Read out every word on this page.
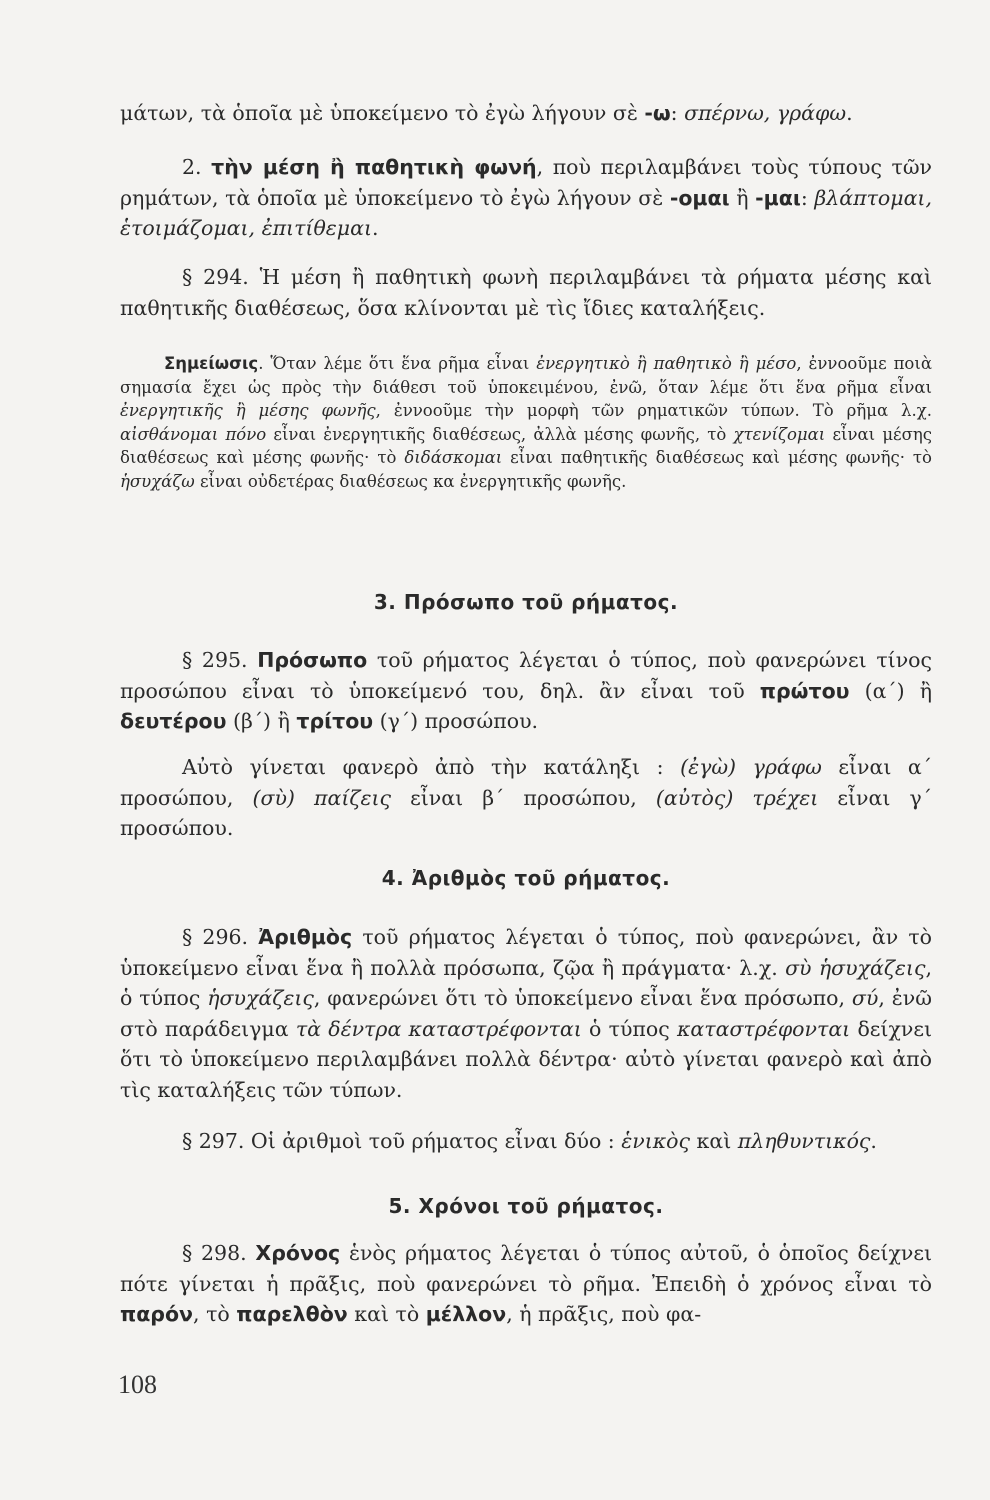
μάτων, τὰ ὁποῖα μὲ ὑποκείμενο τὸ ἐγὼ λήγουν σὲ -ω: σπέρνω, γράφω.

2. τὴν μέση ἢ παθητικὴ φωνή, ποὺ περιλαμβάνει τοὺς τύπους τῶν ρημάτων, τὰ ὁποῖα μὲ ὑποκείμενο τὸ ἐγὼ λήγουν σὲ -ομαι ἢ -μαι: βλάπτομαι, ἑτοιμάζομαι, ἐπιτίθεμαι.

§ 294. Ἡ μέση ἢ παθητικὴ φωνὴ περιλαμβάνει τὰ ρήματα μέσης καὶ παθητικῆς διαθέσεως, ὅσα κλίνονται μὲ τὶς ἴδιες καταλήξεις.

Σημείωσις. Ὅταν λέμε ὅτι ἕνα ρῆμα εἶναι ἐνεργητικὸ ἢ παθητικὸ ἢ μέσο, ἐννοοῦμε ποιὰ σημασία ἔχει ὡς πρὸς τὴν διάθεσι τοῦ ὑποκειμένου, ἐνῶ, ὅταν λέμε ὅτι ἕνα ρῆμα εἶναι ἐνεργητικῆς ἢ μέσης φωνῆς, ἐννοοῦμε τὴν μορφὴ τῶν ρηματικῶν τύπων. Τὸ ρῆμα λ.χ. αἰσθάνομαι πόνο εἶναι ἐνεργητικῆς διαθέσεως, ἀλλὰ μέσης φωνῆς, τὸ χτενίζομαι εἶναι μέσης διαθέσεως καὶ μέσης φωνῆς· τὸ διδάσκομαι εἶναι παθητικῆς διαθέσεως καὶ μέσης φωνῆς· τὸ ἡσυχάζω εἶναι οὐδετέρας διαθέσεως κα ἐνεργητικῆς φωνῆς.

3. Πρόσωπο τοῦ ρήματος.

§ 295. Πρόσωπο τοῦ ρήματος λέγεται ὁ τύπος, ποὺ φανερώνει τίνος προσώπου εἶναι τὸ ὑποκείμενό του, δηλ. ἂν εἶναι τοῦ πρώτου (α΄) ἢ δευτέρου (β΄) ἢ τρίτου (γ΄) προσώπου.

Αὐτὸ γίνεται φανερὸ ἀπὸ τὴν κατάληξι : (ἐγὼ) γράφω εἶναι α΄ προσώπου, (σὺ) παίζεις εἶναι β΄ προσώπου, (αὐτὸς) τρέχει εἶναι γ΄ προσώπου.

4. Ἀριθμὸς τοῦ ρήματος.

§ 296. Ἀριθμὸς τοῦ ρήματος λέγεται ὁ τύπος, ποὺ φανερώνει, ἂν τὸ ὑποκείμενο εἶναι ἕνα ἢ πολλὰ πρόσωπα, ζῷα ἢ πράγματα· λ.χ. σὺ ἡσυχάζεις, ὁ τύπος ἡσυχάζεις, φανερώνει ὅτι τὸ ὑποκείμενο εἶναι ἕνα πρόσωπο, σύ, ἐνῶ στὸ παράδειγμα τὰ δέντρα καταστρέφονται ὁ τύπος καταστρέφονται δείχνει ὅτι τὸ ὑποκείμενο περιλαμβάνει πολλὰ δέντρα· αὐτὸ γίνεται φανερὸ καὶ ἀπὸ τὶς καταλήξεις τῶν τύπων.

§ 297. Οἱ ἀριθμοὶ τοῦ ρήματος εἶναι δύο : ἑνικὸς καὶ πληθυντικός.

5. Χρόνοι τοῦ ρήματος.

§ 298. Χρόνος ἑνὸς ρήματος λέγεται ὁ τύπος αὐτοῦ, ὁ ὁποῖος δείχνει πότε γίνεται ἡ πρᾶξις, ποὺ φανερώνει τὸ ρῆμα. Ἐπειδὴ ὁ χρόνος εἶναι τὸ παρόν, τὸ παρελθὸν καὶ τὸ μέλλον, ἡ πρᾶξις, ποὺ φα-

108
